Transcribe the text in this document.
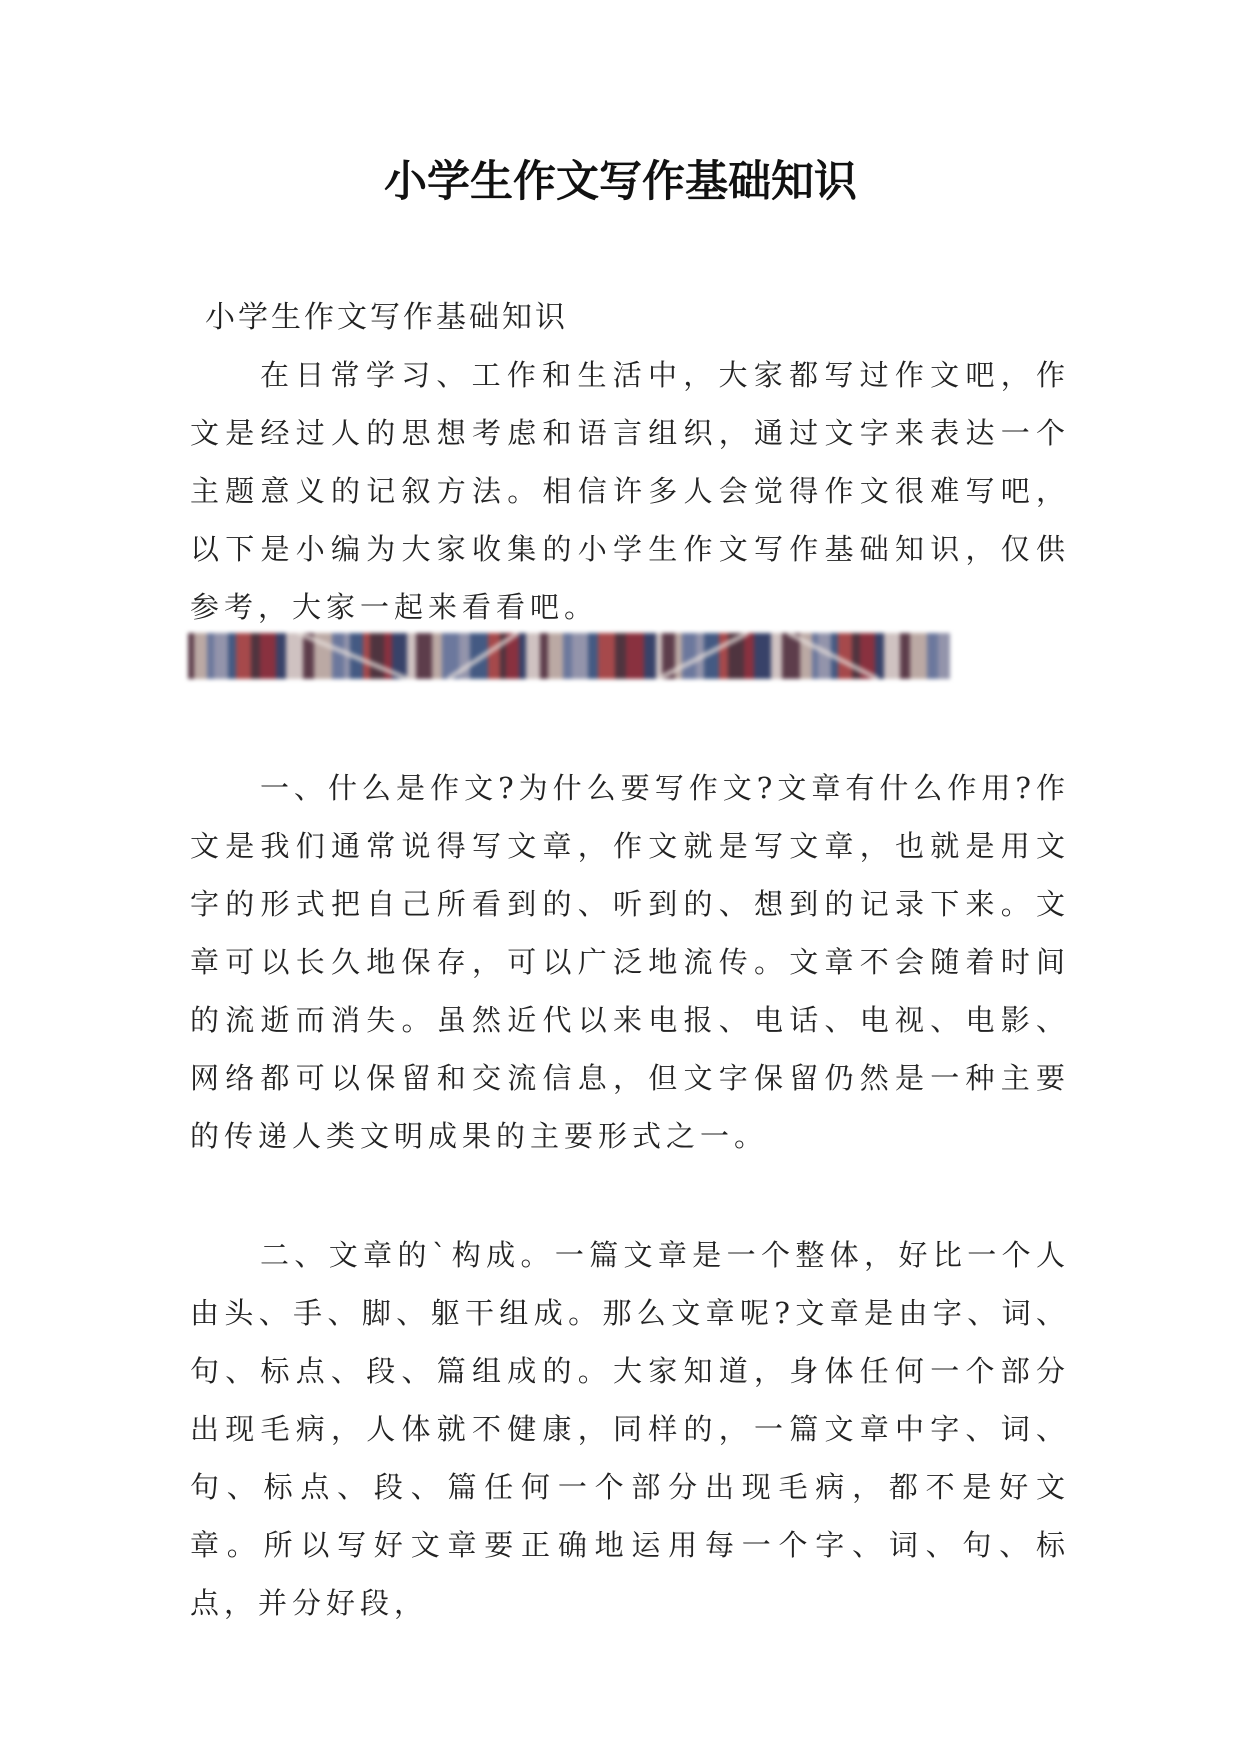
小学生作文写作基础知识

小学生作文写作基础知识

在日常学习、工作和生活中，大家都写过作文吧，作文是经过人的思想考虑和语言组织，通过文字来表达一个主题意义的记叙方法。相信许多人会觉得作文很难写吧，以下是小编为大家收集的小学生作文写作基础知识，仅供参考，大家一起来看看吧。

一、什么是作文?为什么要写作文?文章有什么作用?作文是我们通常说得写文章，作文就是写文章，也就是用文字的形式把自己所看到的、听到的、想到的记录下来。文章可以长久地保存，可以广泛地流传。文章不会随着时间的流逝而消失。虽然近代以来电报、电话、电视、电影、网络都可以保留和交流信息，但文字保留仍然是一种主要的传递人类文明成果的主要形式之一。

二、文章的`构成。一篇文章是一个整体，好比一个人由头、手、脚、躯干组成。那么文章呢?文章是由字、词、句、标点、段、篇组成的。大家知道，身体任何一个部分出现毛病，人体就不健康，同样的，一篇文章中字、词、句、标点、段、篇任何一个部分出现毛病，都不是好文章。所以写好文章要正确地运用每一个字、词、句、标点，并分好段，
